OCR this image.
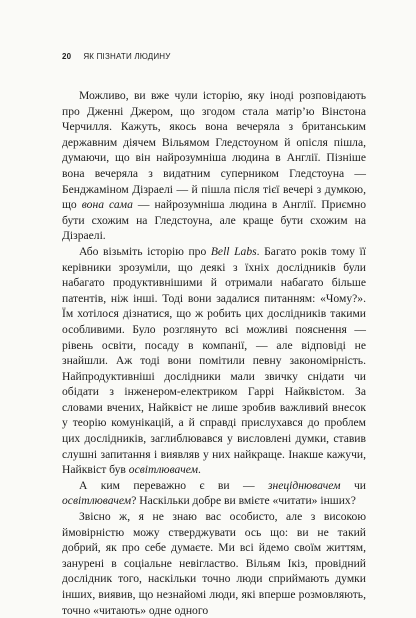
20 ЯК ПІЗНАТИ ЛЮДИНУ

Можливо, ви вже чули історію, яку іноді розповідають про Дженні Джером, що згодом стала матір’ю Вінстона Черчилля. Кажуть, якось вона вечеряла з британським державним діячем Вільямом Гледстоуном й опісля пішла, думаючи, що він найрозумніша людина в Англії. Пізніше вона вечеряла з видатним суперником Гледстоуна — Бенджаміном Дізраелі — й пішла після тієї вечері з думкою, що вона сама — найрозумніша людина в Англії. Приємно бути схожим на Гледстоуна, але краще бути схожим на Дізраелі.

Або візьміть історію про Bell Labs. Багато років тому її керівники зрозуміли, що деякі з їхніх дослідників були набагато продуктивнішими й отримали набагато більше патентів, ніж інші. Тоді вони задалися питанням: «Чому?». Їм хотілося дізнатися, що ж робить цих дослідників такими особливими. Було розглянуто всі можливі пояснення — рівень освіти, посаду в компанії, — але відповіді не знайшли. Аж тоді вони помітили певну закономірність. Найпродуктивніші дослідники мали звичку снідати чи обідати з інженером-електриком Гаррі Найквістом. За словами вчених, Найквіст не лише зробив важливий внесок у теорію комунікацій, а й справді прислухався до проблем цих дослідників, заглиблювався у висловлені думки, ставив слушні запитання і виявляв у них найкраще. Інакше кажучи, Найквіст був освітлювачем.

А ким переважно є ви — знеціднювачем чи освітлювачем? Наскільки добре ви вмієте «читати» інших?

Звісно ж, я не знаю вас особисто, але з високою ймовірністю можу стверджувати ось що: ви не такий добрий, як про себе думаєте. Ми всі йдемо своїм життям, занурені в соціальне невігластво. Вільям Ікіз, провідний дослідник того, наскільки точно люди сприймають думки інших, виявив, що незнайомі люди, які вперше розмовляють, точно «читають» одне одного
